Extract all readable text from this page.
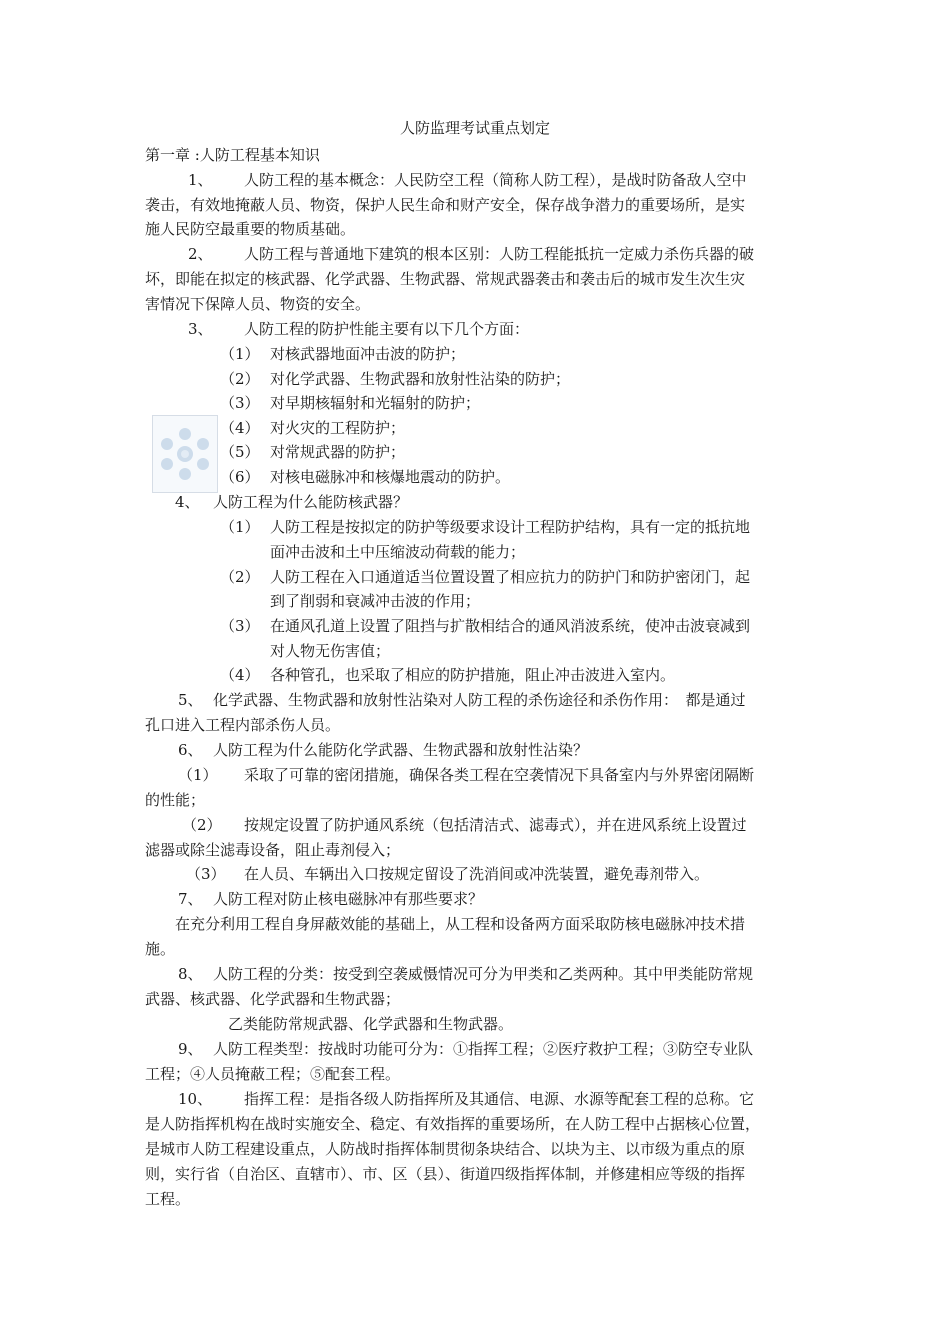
人防监理考试重点划定
第一章 :人防工程基本知识
1、 人防工程的基本概念：人民防空工程（简称人防工程），是战时防备敌人空中
袭击，有效地掩蔽人员、物资，保护人民生命和财产安全，保存战争潜力的重要场所，是实
施人民防空最重要的物质基础。
2、 人防工程与普通地下建筑的根本区别：人防工程能抵抗一定威力杀伤兵器的破
坏，即能在拟定的核武器、化学武器、生物武器、常规武器袭击和袭击后的城市发生次生灾
害情况下保障人员、物资的安全。
3、 人防工程的防护性能主要有以下几个方面：
（1） 对核武器地面冲击波的防护；
（2） 对化学武器、生物武器和放射性沾染的防护；
（3） 对早期核辐射和光辐射的防护；
（4） 对火灾的工程防护；
（5） 对常规武器的防护；
（6） 对核电磁脉冲和核爆地震动的防护。
4、 人防工程为什么能防核武器？
（1） 人防工程是按拟定的防护等级要求设计工程防护结构，具有一定的抵抗地
面冲击波和土中压缩波动荷载的能力；
（2） 人防工程在入口通道适当位置设置了相应抗力的防护门和防护密闭门，起
到了削弱和衰减冲击波的作用；
（3） 在通风孔道上设置了阻挡与扩散相结合的通风消波系统，使冲击波衰减到
对人物无伤害值；
（4） 各种管孔，也采取了相应的防护措施，阻止冲击波进入室内。
5、 化学武器、生物武器和放射性沾染对人防工程的杀伤途径和杀伤作用：　都是通过
孔口进入工程内部杀伤人员。
6、 人防工程为什么能防化学武器、生物武器和放射性沾染？
（1） 采取了可靠的密闭措施，确保各类工程在空袭情况下具备室内与外界密闭隔断
的性能；
（2） 按规定设置了防护通风系统（包括清洁式、滤毒式），并在进风系统上设置过
滤器或除尘滤毒设备，阻止毒剂侵入；
（3） 在人员、车辆出入口按规定留设了洗消间或冲洗装置，避免毒剂带入。
7、 人防工程对防止核电磁脉冲有那些要求？
在充分利用工程自身屏蔽效能的基础上，从工程和设备两方面采取防核电磁脉冲技术措
施。
8、 人防工程的分类：按受到空袭威慑情况可分为甲类和乙类两种。其中甲类能防常规
武器、核武器、化学武器和生物武器；
乙类能防常规武器、化学武器和生物武器。
9、 人防工程类型：按战时功能可分为：①指挥工程；②医疗救护工程；③防空专业队
工程；④人员掩蔽工程；⑤配套工程。
10、 指挥工程：是指各级人防指挥所及其通信、电源、水源等配套工程的总称。它
是人防指挥机构在战时实施安全、稳定、有效指挥的重要场所，在人防工程中占据核心位置，
是城市人防工程建设重点，人防战时指挥体制贯彻条块结合、以块为主、以市级为重点的原
则，实行省（自治区、直辖市）、市、区（县）、街道四级指挥体制，并修建相应等级的指挥
工程。
